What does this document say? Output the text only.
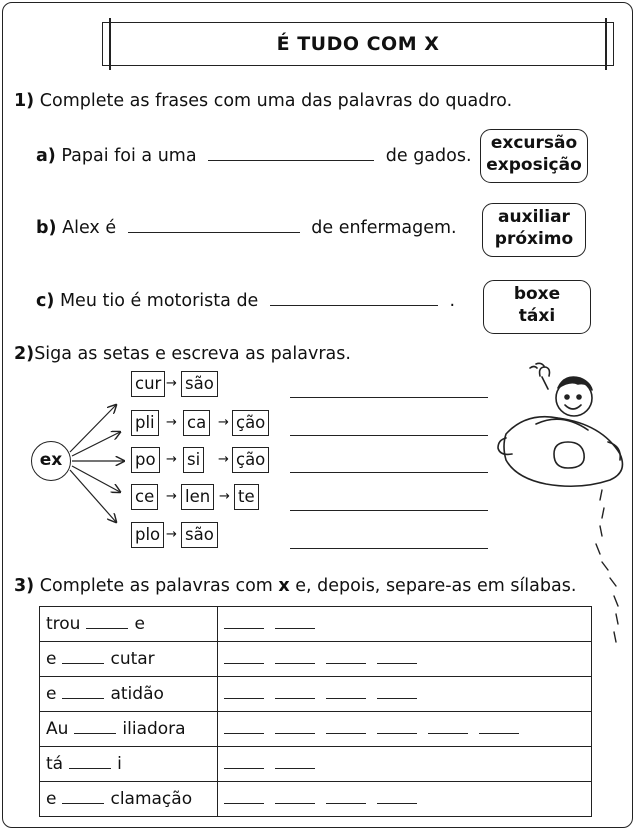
É TUDO COM X
1) Complete as frases com uma das palavras do quadro.
a) Papai foi a uma	de gados.
excursão
exposição
b) Alex é	de enfermagem.
auxiliar
próximo
c) Meu tio é motorista de	.	boxe
táxi
2)Siga as setas e escreva as palavras.
ex
cur → são
pli → ca → ção
po → si	→ ção
ce → len → te
plo → são
3) Complete as palavras com x e, depois, separe-as em sílabas.
trou e	
e cutar	
e atidão	
Au iliadora	
tá i	
e clamação	
